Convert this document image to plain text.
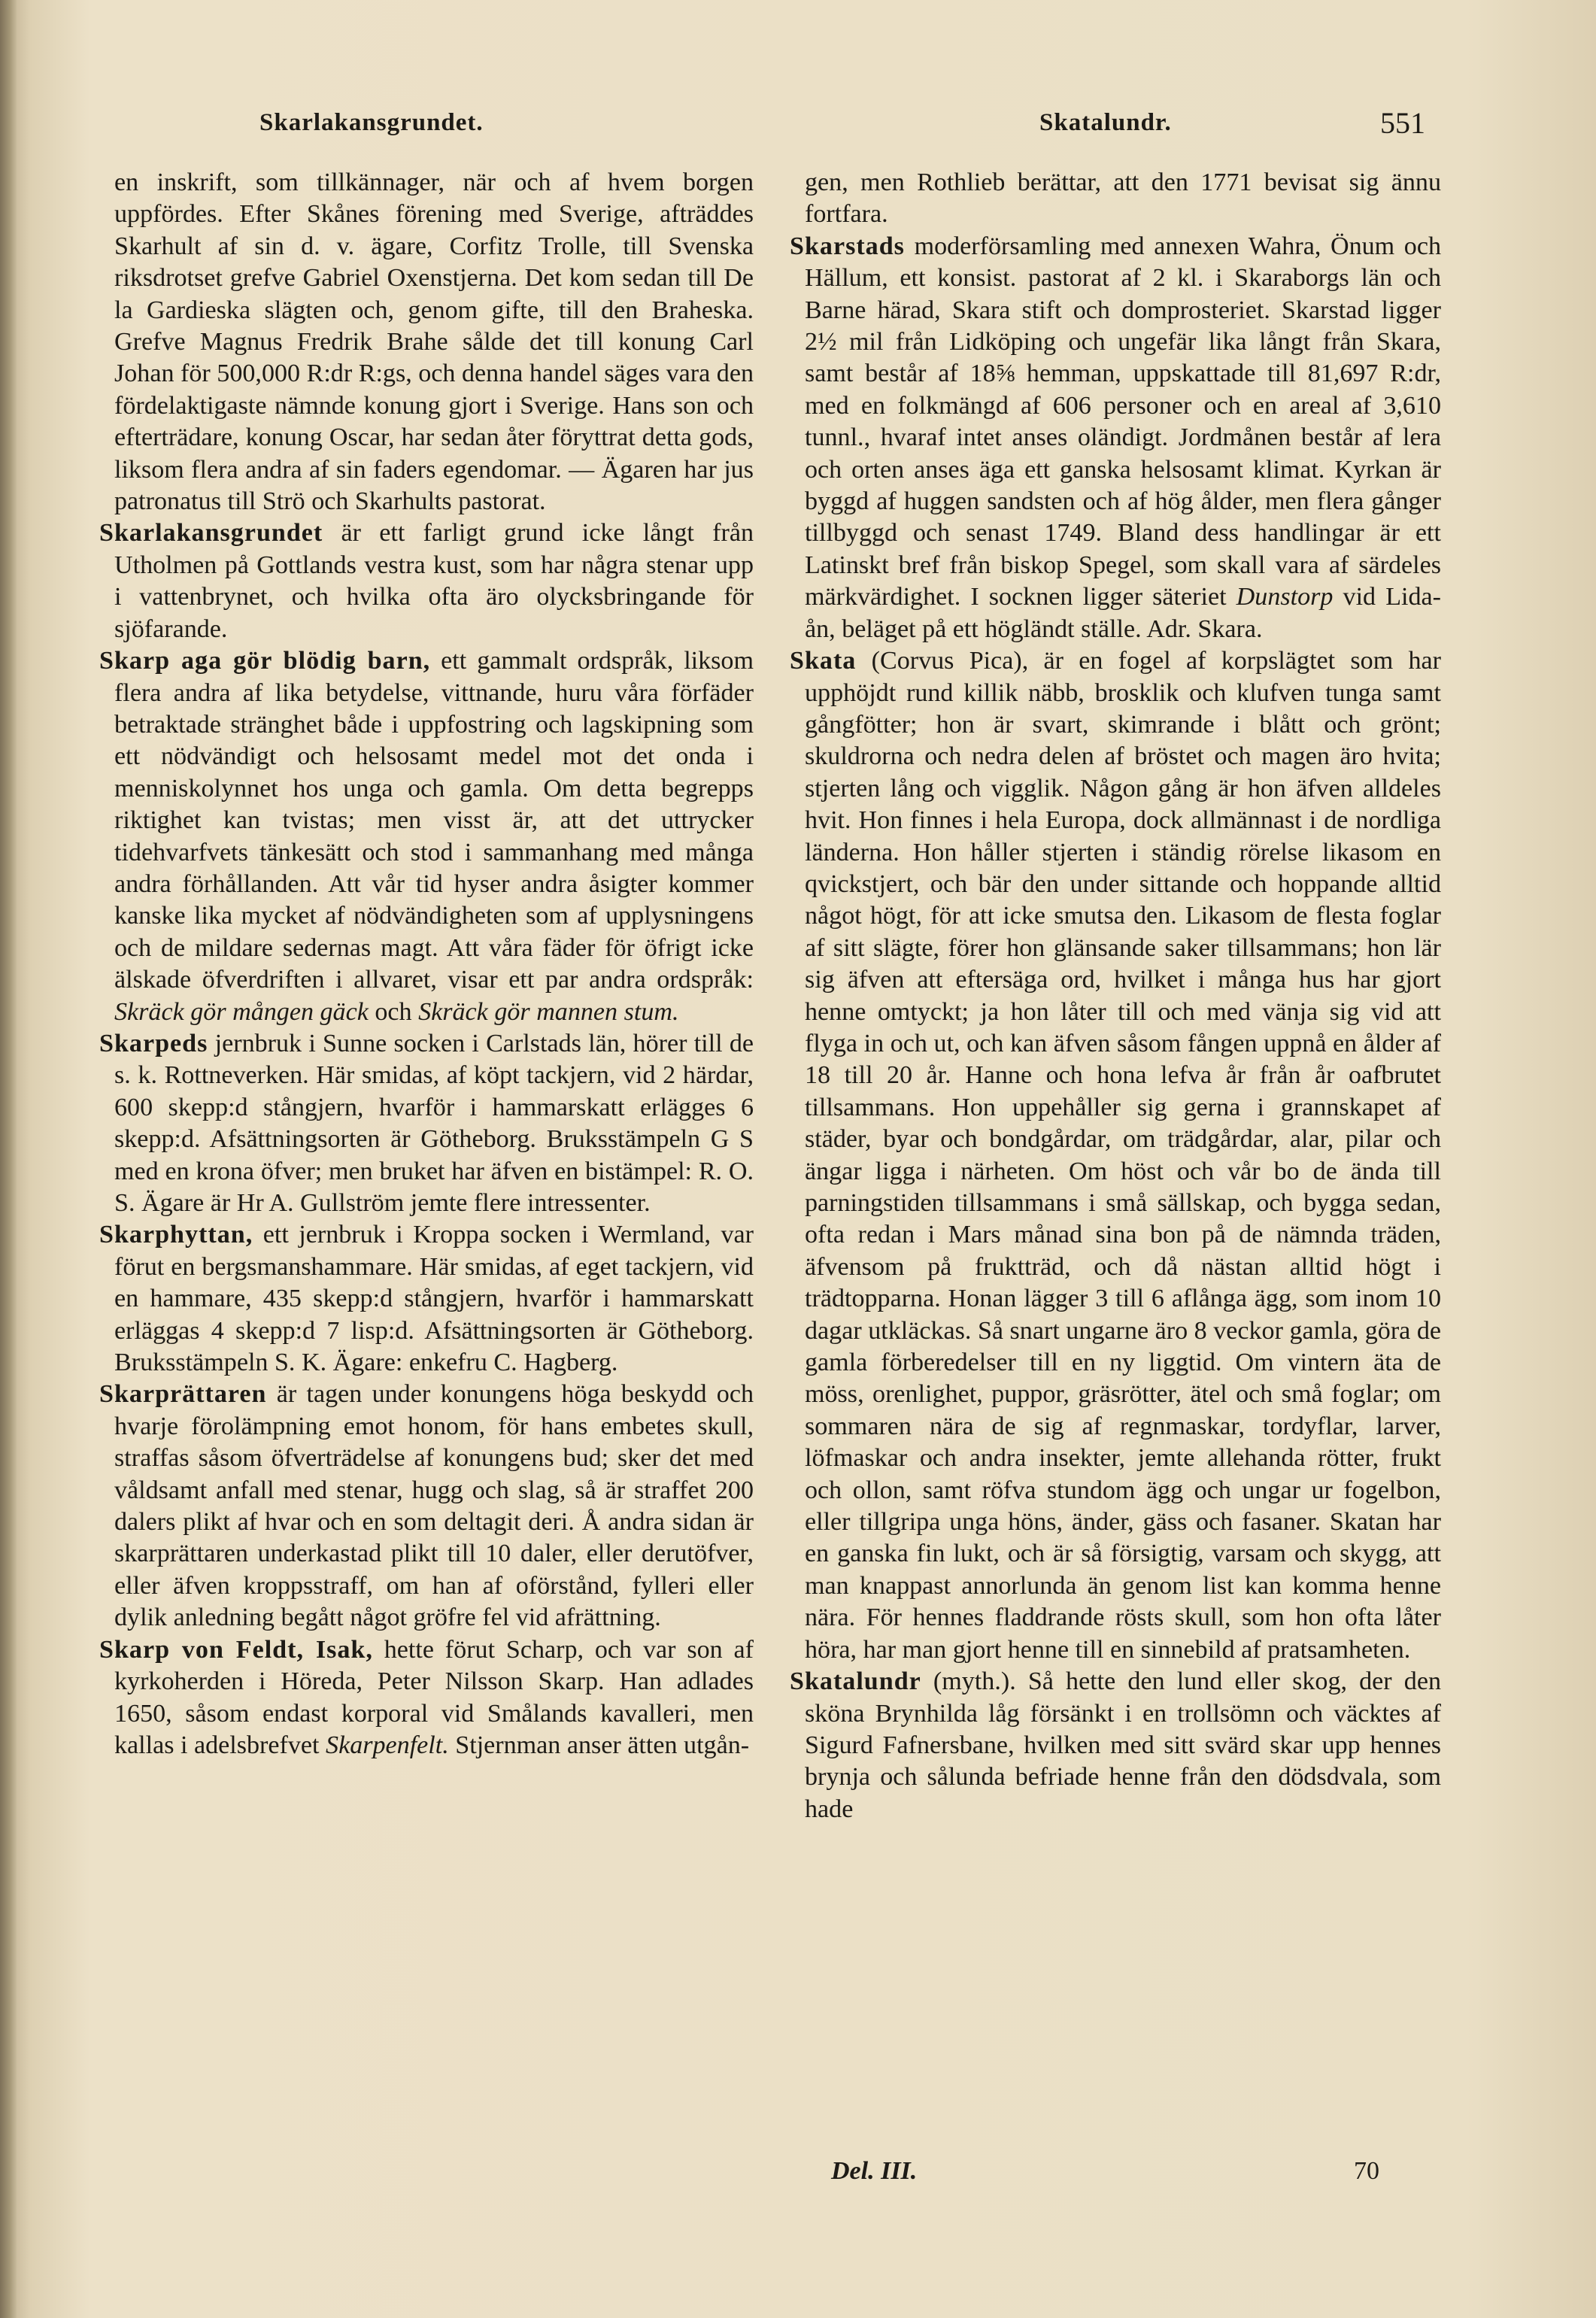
Skarlakansgrundet.	Skatalundr.	551

en inskrift, som tillkännager, när och af hvem borgen uppfördes. Efter Skånes förening med Sverige, afträddes Skarhult af sin d. v. ägare, Corfitz Trolle, till Svenska riksdrotset grefve Gabriel Oxenstjerna. Det kom sedan till De la Gardieska slägten och, genom gifte, till den Braheska. Grefve Magnus Fredrik Brahe sålde det till konung Carl Johan för 500,000 R:dr R:gs, och denna handel säges vara den fördelaktigaste nämnde konung gjort i Sverige. Hans son och efterträdare, konung Oscar, har sedan åter föryttrat detta gods, liksom flera andra af sin faders egendomar. — Ägaren har jus patronatus till Strö och Skarhults pastorat.

Skarlakansgrundet är ett farligt grund icke långt från Utholmen på Gottlands vestra kust, som har några stenar upp i vattenbrynet, och hvilka ofta äro olycksbringande för sjöfarande.

Skarp aga gör blödig barn, ett gammalt ordspråk, liksom flera andra af lika betydelse, vittnande, huru våra förfäder betraktade stränghet både i uppfostring och lagskipning som ett nödvändigt och helsosamt medel mot det onda i menniskolynnet hos unga och gamla. Om detta begrepps riktighet kan tvistas; men visst är, att det uttrycker tidehvarfvets tänkesätt och stod i sammanhang med många andra förhållanden. Att vår tid hyser andra åsigter kommer kanske lika mycket af nödvändigheten som af upplysningens och de mildare sedernas magt. Att våra fäder för öfrigt icke älskade öfverdriften i allvaret, visar ett par andra ordspråk: Skräck gör mången gäck och Skräck gör mannen stum.

Skarpeds jernbruk i Sunne socken i Carlstads län, hörer till de s. k. Rottneverken. Här smidas, af köpt tackjern, vid 2 härdar, 600 skepp:d stångjern, hvarför i hammarskatt erlägges 6 skepp:d. Afsättningsorten är Götheborg. Bruksstämpeln G S med en krona öfver; men bruket har äfven en bistämpel: R. O. S. Ägare är Hr A. Gullström jemte flere intressenter.

Skarphyttan, ett jernbruk i Kroppa socken i Wermland, var förut en bergsmanshammare. Här smidas, af eget tackjern, vid en hammare, 435 skepp:d stångjern, hvarför i hammarskatt erläggas 4 skepp:d 7 lisp:d. Afsättningsorten är Götheborg. Bruksstämpeln S. K. Ägare: enkefru C. Hagberg.

Skarprättaren är tagen under konungens höga beskydd och hvarje förolämpning emot honom, för hans embetes skull, straffas såsom öfverträdelse af konungens bud; sker det med våldsamt anfall med stenar, hugg och slag, så är straffet 200 dalers plikt af hvar och en som deltagit deri. Å andra sidan är skarprättaren underkastad plikt till 10 daler, eller derutöfver, eller äfven kroppsstraff, om han af oförstånd, fylleri eller dylik anledning begått något gröfre fel vid afrättning.

Skarp von Feldt, Isak, hette förut Scharp, och var son af kyrkoherden i Höreda, Peter Nilsson Skarp. Han adlades 1650, såsom endast korporal vid Smålands kavalleri, men kallas i adelsbrefvet Skarpenfelt. Stjernman anser ätten utgån-

gen, men Rothlieb berättar, att den 1771 bevisat sig ännu fortfara.

Skarstads moderförsamling med annexen Wahra, Önum och Hällum, ett konsist. pastorat af 2 kl. i Skaraborgs län och Barne härad, Skara stift och domprosteriet. Skarstad ligger 2½ mil från Lidköping och ungefär lika långt från Skara, samt består af 18⅝ hemman, uppskattade till 81,697 R:dr, med en folkmängd af 606 personer och en areal af 3,610 tunnl., hvaraf intet anses oländigt. Jordmånen består af lera och orten anses äga ett ganska helsosamt klimat. Kyrkan är byggd af huggen sandsten och af hög ålder, men flera gånger tillbyggd och senast 1749. Bland dess handlingar är ett Latinskt bref från biskop Spegel, som skall vara af särdeles märkvärdighet. I socknen ligger säteriet Dunstorp vid Lida-ån, beläget på ett högländt ställe. Adr. Skara.

Skata (Corvus Pica), är en fogel af korpslägtet som har upphöjdt rund killik näbb, brosklik och klufven tunga samt gångfötter; hon är svart, skimrande i blått och grönt; skuldrorna och nedra delen af bröstet och magen äro hvita; stjerten lång och vigglik. Någon gång är hon äfven alldeles hvit. Hon finnes i hela Europa, dock allmännast i de nordliga länderna. Hon håller stjerten i ständig rörelse likasom en qvickstjert, och bär den under sittande och hoppande alltid något högt, för att icke smutsa den. Likasom de flesta foglar af sitt slägte, förer hon glänsande saker tillsammans; hon lär sig äfven att eftersäga ord, hvilket i många hus har gjort henne omtyckt; ja hon låter till och med vänja sig vid att flyga in och ut, och kan äfven såsom fången uppnå en ålder af 18 till 20 år. Hanne och hona lefva år från år oafbrutet tillsammans. Hon uppehåller sig gerna i grannskapet af städer, byar och bondgårdar, om trädgårdar, alar, pilar och ängar ligga i närheten. Om höst och vår bo de ända till parningstiden tillsammans i små sällskap, och bygga sedan, ofta redan i Mars månad sina bon på de nämnda träden, äfvensom på fruktträd, och då nästan alltid högt i trädtopparna. Honan lägger 3 till 6 aflånga ägg, som inom 10 dagar utkläckas. Så snart ungarne äro 8 veckor gamla, göra de gamla förberedelser till en ny liggtid. Om vintern äta de möss, orenlighet, puppor, gräsrötter, ätel och små foglar; om sommaren nära de sig af regnmaskar, tordyflar, larver, löfmaskar och andra insekter, jemte allehanda rötter, frukt och ollon, samt röfva stundom ägg och ungar ur fogelbon, eller tillgripa unga höns, änder, gäss och fasaner. Skatan har en ganska fin lukt, och är så försigtig, varsam och skygg, att man knappast annorlunda än genom list kan komma henne nära. För hennes fladdrande rösts skull, som hon ofta låter höra, har man gjort henne till en sinnebild af pratsamheten.

Skatalundr (myth.). Så hette den lund eller skog, der den sköna Brynhilda låg försänkt i en trollsömn och väcktes af Sigurd Fafnersbane, hvilken med sitt svärd skar upp hennes brynja och sålunda befriade henne från den dödsdvala, som hade

Del. III.	70
